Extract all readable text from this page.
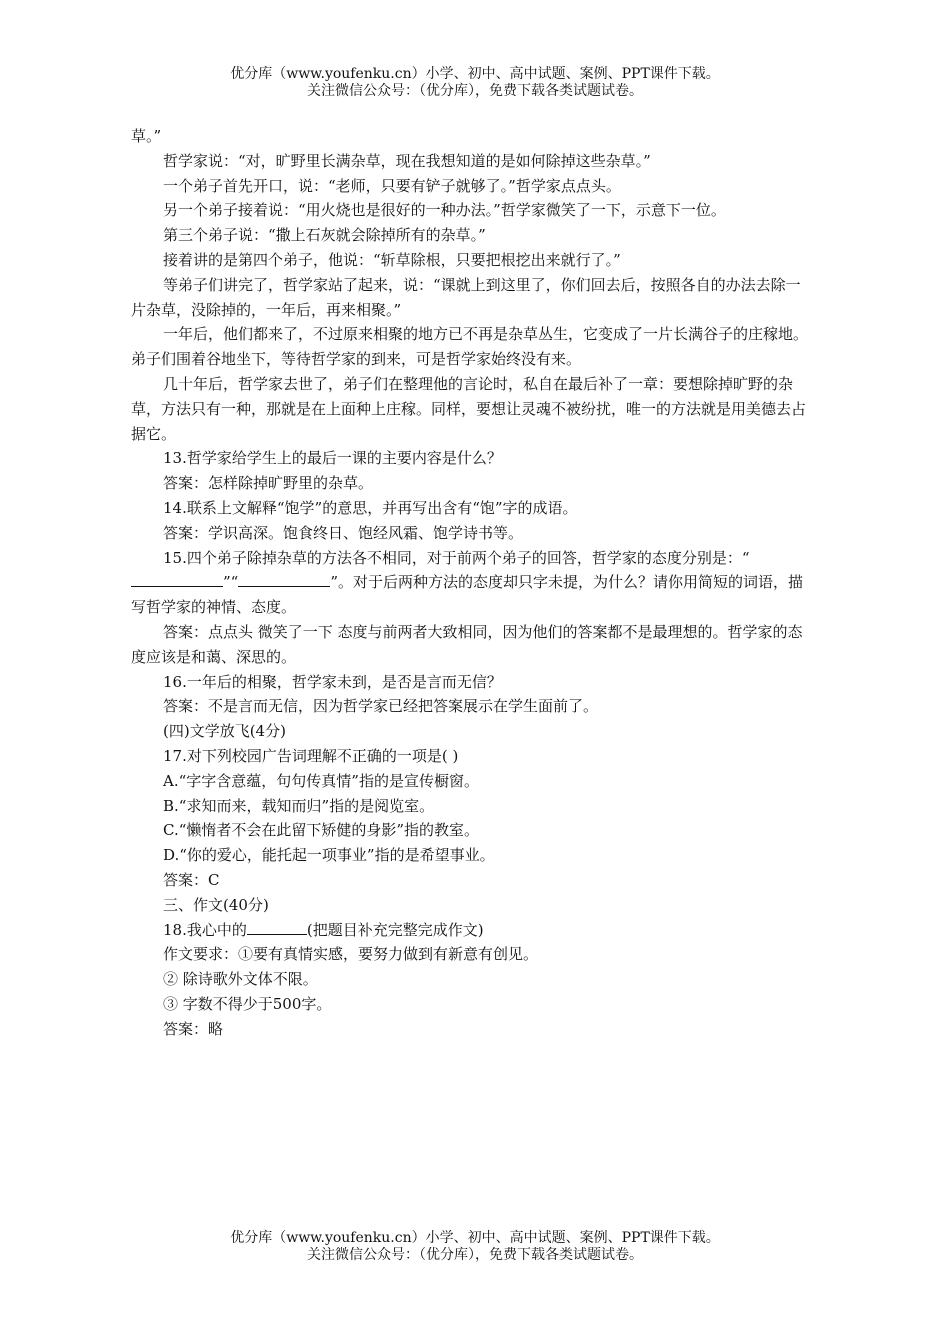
优分库（www.youfenku.cn）小学、初中、高中试题、案例、PPT课件下载。
关注微信公众号：（优分库），免费下载各类试题试卷。

草。”

哲学家说：“对，旷野里长满杂草，现在我想知道的是如何除掉这些杂草。”

一个弟子首先开口，说：“老师，只要有铲子就够了。”哲学家点点头。

另一个弟子接着说：“用火烧也是很好的一种办法。”哲学家微笑了一下，示意下一位。

第三个弟子说：“撒上石灰就会除掉所有的杂草。”

接着讲的是第四个弟子，他说：“斩草除根，只要把根挖出来就行了。”

等弟子们讲完了，哲学家站了起来，说：“课就上到这里了，你们回去后，按照各自的办法去除一片杂草，没除掉的，一年后，再来相聚。”

一年后，他们都来了，不过原来相聚的地方已不再是杂草丛生，它变成了一片长满谷子的庄稼地。弟子们围着谷地坐下，等待哲学家的到来，可是哲学家始终没有来。

几十年后，哲学家去世了，弟子们在整理他的言论时，私自在最后补了一章：要想除掉旷野的杂草，方法只有一种，那就是在上面种上庄稼。同样，要想让灵魂不被纷扰，唯一的方法就是用美德去占据它。

13.哲学家给学生上的最后一课的主要内容是什么？

答案：怎样除掉旷野里的杂草。

14.联系上文解释“饱学”的意思，并再写出含有“饱”字的成语。

答案：学识高深。饱食终日、饱经风霜、饱学诗书等。

15.四个弟子除掉杂草的方法各不相同，对于前两个弟子的回答，哲学家的态度分别是：“”“	”。对于后两种方法的态度却只字未提，为什么？请你用简短的词语，描写哲学家的神情、态度。

答案：点点头 微笑了一下 态度与前两者大致相同，因为他们的答案都不是最理想的。哲学家的态度应该是和蔼、深思的。

16.一年后的相聚，哲学家未到，是否是言而无信？

答案：不是言而无信，因为哲学家已经把答案展示在学生面前了。

(四)文学放飞(4分)

17.对下列校园广告词理解不正确的一项是( )

A.“字字含意蕴，句句传真情”指的是宣传橱窗。

B.“求知而来，载知而归”指的是阅览室。

C.“懒惰者不会在此留下矫健的身影”指的教室。

D.“你的爱心，能托起一项事业”指的是希望事业。

答案：C

三、作文(40分)

18.我心中的	(把题目补充完整完成作文)

作文要求：①要有真情实感，要努力做到有新意有创见。

② 除诗歌外文体不限。

③ 字数不得少于500字。

答案：略

优分库（www.youfenku.cn）小学、初中、高中试题、案例、PPT课件下载。
关注微信公众号：（优分库），免费下载各类试题试卷。
